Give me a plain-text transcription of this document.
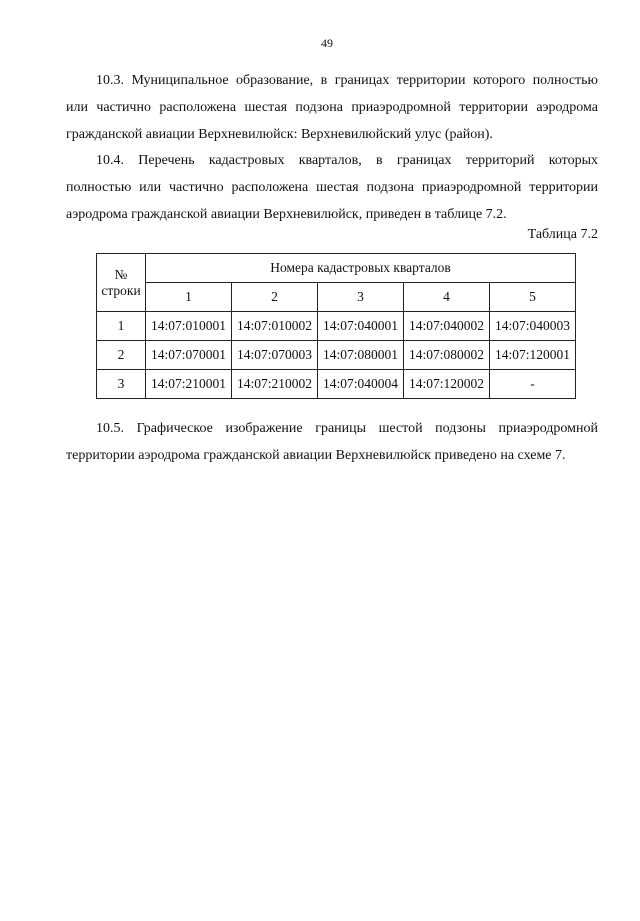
49

10.3. Муниципальное образование, в границах территории которого полностью
или частично расположена шестая подзона приаэродромной территории аэродрома
гражданской авиации Верхневилюйск: Верхневилюйский улус (район).

10.4. Перечень кадастровых кварталов, в границах территорий которых
полностью или частично расположена шестая подзона приаэродромной территории
аэродрома гражданской авиации Верхневилюйск, приведен в таблице 7.2.

Таблица 7.2
№
строки	Номера кадастровых кварталов				
	1	2	3	4	5
1	14:07:010001	14:07:010002	14:07:040001	14:07:040002	14:07:040003
2	14:07:070001	14:07:070003	14:07:080001	14:07:080002	14:07:120001
3	14:07:210001	14:07:210002	14:07:040004	14:07:120002	-

10.5. Графическое изображение границы шестой подзоны приаэродромной
территории аэродрома гражданской авиации Верхневилюйск приведено на схеме 7.
